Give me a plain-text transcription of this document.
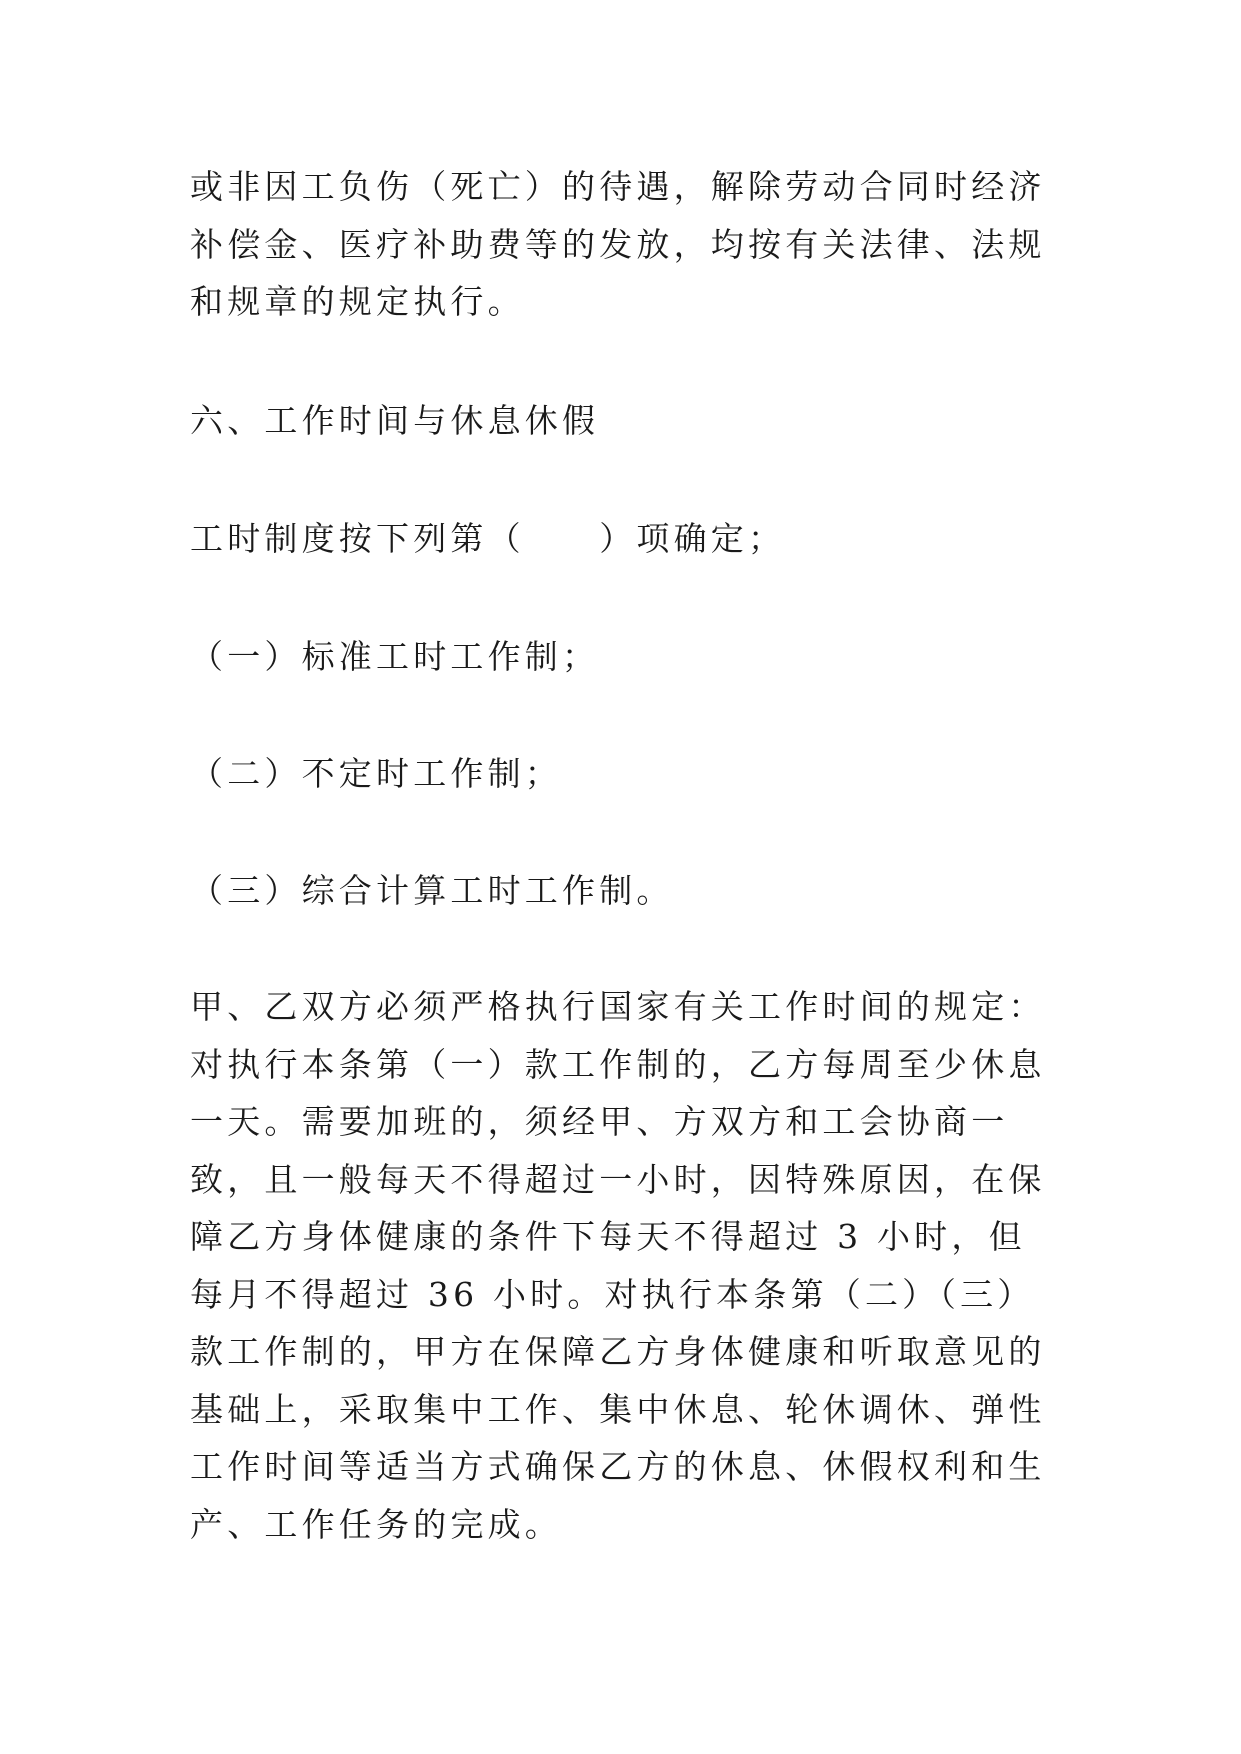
或非因工负伤（死亡）的待遇，解除劳动合同时经济补偿金、医疗补助费等的发放，均按有关法律、法规和规章的规定执行。

六、工作时间与休息休假

工时制度按下列第（　　）项确定；

（一）标准工时工作制；

（二）不定时工作制；

（三）综合计算工时工作制。

甲、乙双方必须严格执行国家有关工作时间的规定：对执行本条第（一）款工作制的，乙方每周至少休息一天。需要加班的，须经甲、方双方和工会协商一致，且一般每天不得超过一小时，因特殊原因，在保障乙方身体健康的条件下每天不得超过 3 小时，但每月不得超过 36 小时。对执行本条第（二）（三）款工作制的，甲方在保障乙方身体健康和听取意见的基础上，采取集中工作、集中休息、轮休调休、弹性工作时间等适当方式确保乙方的休息、休假权利和生产、工作任务的完成。
